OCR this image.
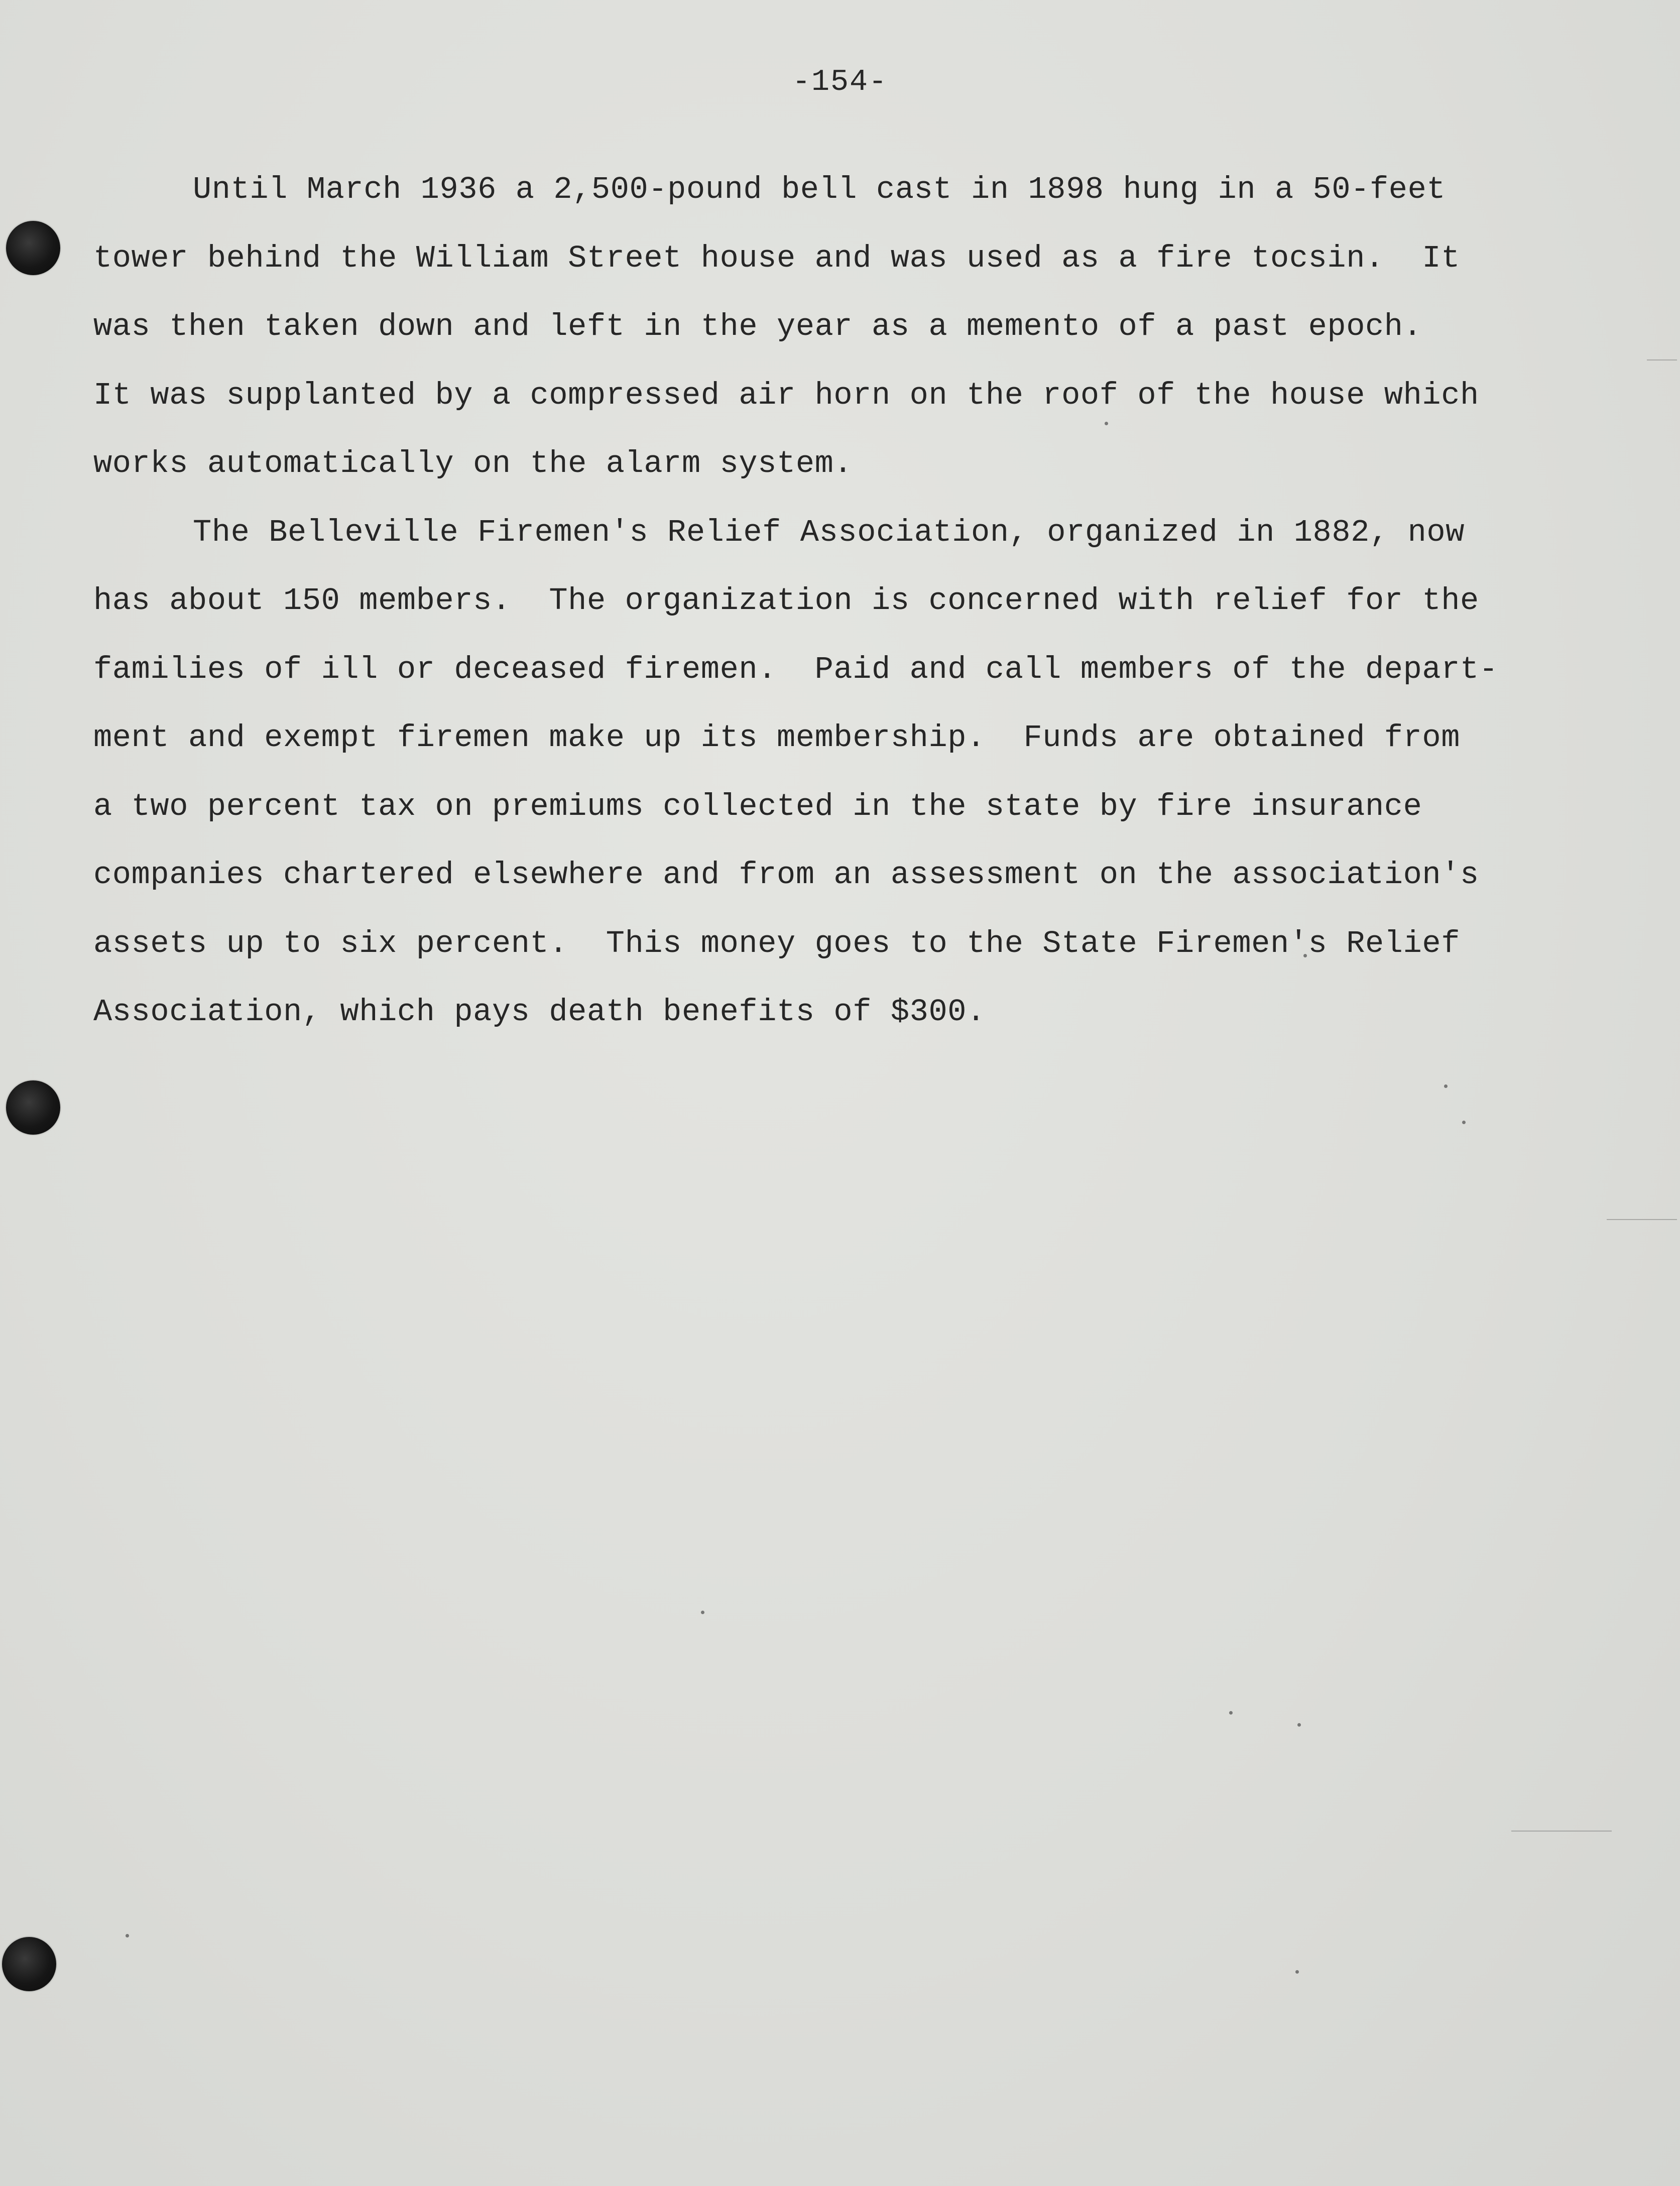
-154-
Until March 1936 a 2,500-pound bell cast in 1898 hung in a 50-feet
tower behind the William Street house and was used as a fire tocsin.  It
was then taken down and left in the year as a memento of a past epoch.
It was supplanted by a compressed air horn on the roof of the house which
works automatically on the alarm system.
The Belleville Firemen's Relief Association, organized in 1882, now
has about 150 members.  The organization is concerned with relief for the
families of ill or deceased firemen.  Paid and call members of the depart-
ment and exempt firemen make up its membership.  Funds are obtained from
a two percent tax on premiums collected in the state by fire insurance
companies chartered elsewhere and from an assessment on the association's
assets up to six percent.  This money goes to the State Firemen's Relief
Association, which pays death benefits of $300.
